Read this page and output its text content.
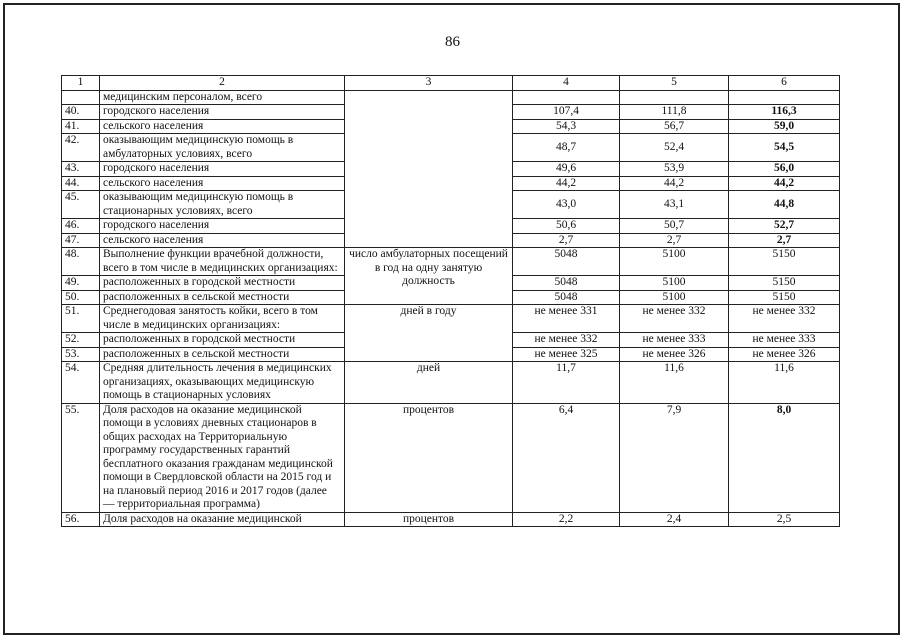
86
1	2	3	4	5	6
	медицинским персоналом, всего				
40.	городского населения		107,4	111,8	116,3
41.	сельского населения		54,3	56,7	59,0
42.	оказывающим медицинскую помощь в амбулаторных условиях, всего		48,7	52,4	54,5
43.	городского населения		49,6	53,9	56,0
44.	сельского населения		44,2	44,2	44,2
45.	оказывающим медицинскую помощь в стационарных условиях, всего		43,0	43,1	44,8
46.	городского населения		50,6	50,7	52,7
47.	сельского населения		2,7	2,7	2,7
48.	Выполнение функции врачебной должности, всего в том числе в медицинских организациях:	число амбулаторных посещений в год на одну занятую должность	5048	5100	5150
49.	расположенных в городской местности		5048	5100	5150
50.	расположенных в сельской местности		5048	5100	5150
51.	Среднегодовая занятость койки, всего в том числе в медицинских организациях:	дней в году	не менее 331	не менее 332	не менее 332
52.	расположенных в городской местности		не менее 332	не менее 333	не менее 333
53.	расположенных в сельской местности		не менее 325	не менее 326	не менее 326
54.	Средняя длительность лечения в медицинских организациях, оказывающих медицинскую помощь в стационарных условиях	дней	11,7	11,6	11,6
55.	Доля расходов на оказание медицинской помощи в условиях дневных стационаров в общих расходах на Территориальную программу государственных гарантий бесплатного оказания гражданам медицинской помощи в Свердловской области на 2015 год и на плановый период 2016 и 2017 годов (далее — территориальная программа)	процентов	6,4	7,9	8,0
56.	Доля расходов на оказание медицинской	процентов	2,2	2,4	2,5
